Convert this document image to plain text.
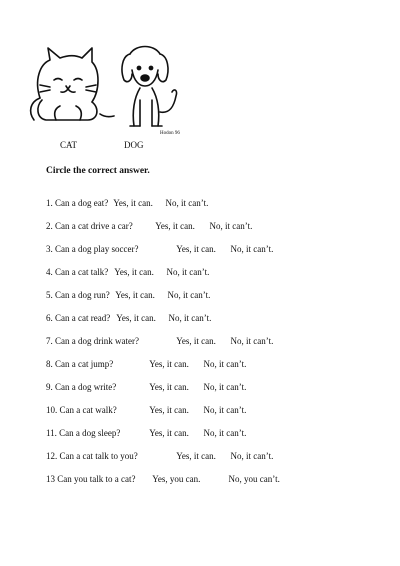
Hodon 96
CAT	DOG
Circle the correct answer.
1. Can a dog eat? Yes, it can. No, it can’t.
2. Can a cat drive a car?	Yes, it can. No, it can’t.
3. Can a dog play soccer?	Yes, it can. No, it can’t.
4. Can a cat talk? Yes, it can. No, it can’t.
5. Can a dog run? Yes, it can. No, it can’t.
6. Can a cat read? Yes, it can. No, it can’t.
7. Can a dog drink water?	Yes, it can. No, it can’t.
8. Can a cat jump?	Yes, it can. No, it can’t.
9. Can a dog write?	Yes, it can. No, it can’t.
10. Can a cat walk?	Yes, it can. No, it can’t.
11. Can a dog sleep?	Yes, it can. No, it can’t.
12. Can a cat talk to you?	Yes, it can. No, it can’t.
13 Can you talk to a cat? Yes, you can.	No, you can’t.
